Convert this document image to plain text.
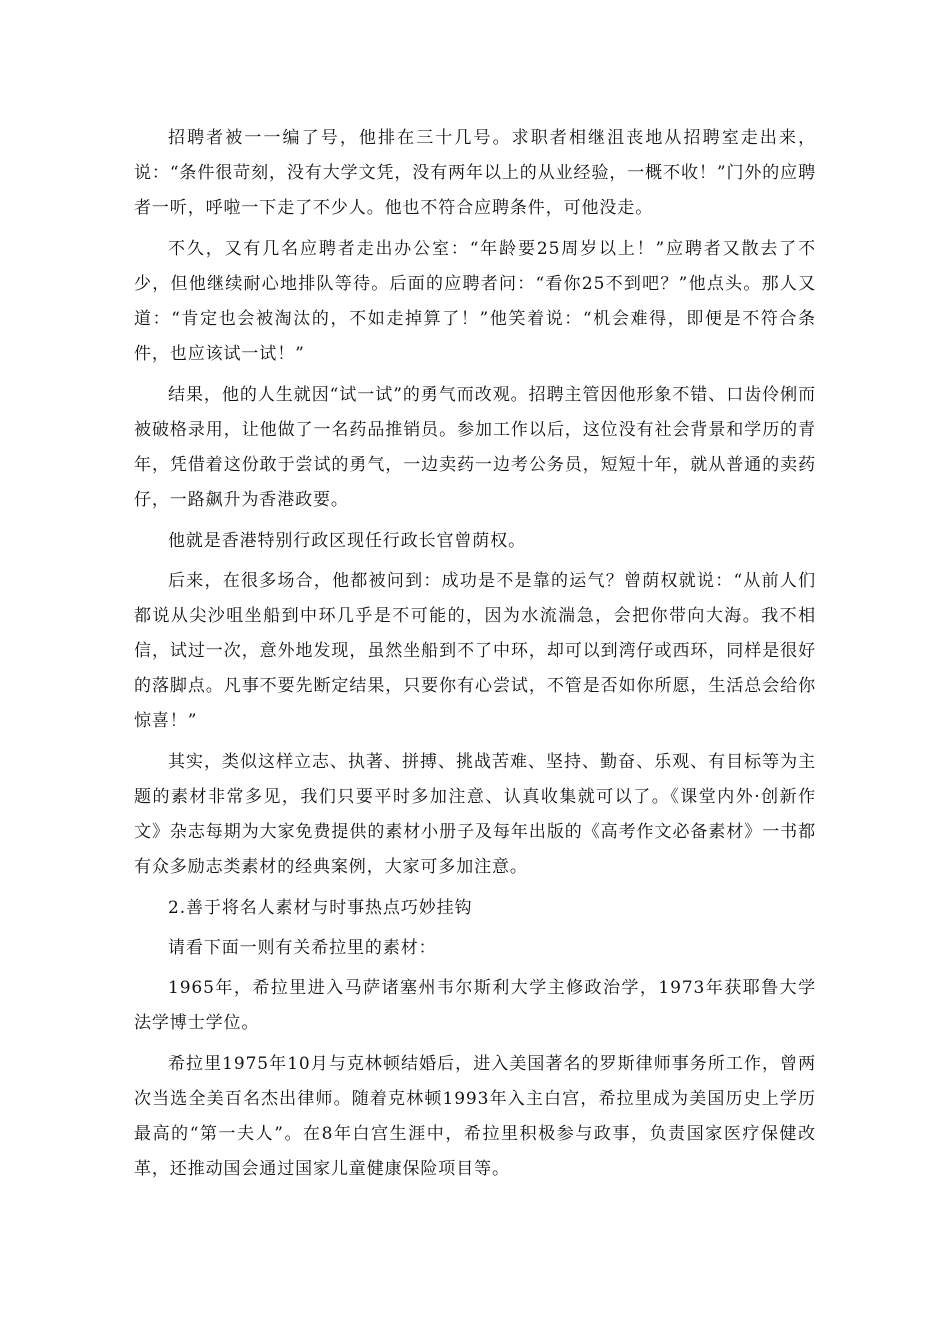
招聘者被一一编了号，他排在三十几号。求职者相继沮丧地从招聘室走出来，说：“条件很苛刻，没有大学文凭，没有两年以上的从业经验，一概不收！”门外的应聘者一听，呼啦一下走了不少人。他也不符合应聘条件，可他没走。

不久，又有几名应聘者走出办公室：“年龄要25周岁以上！”应聘者又散去了不少，但他继续耐心地排队等待。后面的应聘者问：“看你25不到吧？”他点头。那人又道：“肯定也会被淘汰的，不如走掉算了！”他笑着说：“机会难得，即便是不符合条件，也应该试一试！”

结果，他的人生就因“试一试”的勇气而改观。招聘主管因他形象不错、口齿伶俐而被破格录用，让他做了一名药品推销员。参加工作以后，这位没有社会背景和学历的青年，凭借着这份敢于尝试的勇气，一边卖药一边考公务员，短短十年，就从普通的卖药仔，一路飙升为香港政要。

他就是香港特别行政区现任行政长官曾荫权。

后来，在很多场合，他都被问到：成功是不是靠的运气？曾荫权就说：“从前人们都说从尖沙咀坐船到中环几乎是不可能的，因为水流湍急，会把你带向大海。我不相信，试过一次，意外地发现，虽然坐船到不了中环，却可以到湾仔或西环，同样是很好的落脚点。凡事不要先断定结果，只要你有心尝试，不管是否如你所愿，生活总会给你惊喜！”

其实，类似这样立志、执著、拼搏、挑战苦难、坚持、勤奋、乐观、有目标等为主题的素材非常多见，我们只要平时多加注意、认真收集就可以了。《课堂内外·创新作文》杂志每期为大家免费提供的素材小册子及每年出版的《高考作文必备素材》一书都有众多励志类素材的经典案例，大家可多加注意。

2.善于将名人素材与时事热点巧妙挂钩

请看下面一则有关希拉里的素材：

1965年，希拉里进入马萨诸塞州韦尔斯利大学主修政治学，1973年获耶鲁大学法学博士学位。

希拉里1975年10月与克林顿结婚后，进入美国著名的罗斯律师事务所工作，曾两次当选全美百名杰出律师。随着克林顿1993年入主白宫，希拉里成为美国历史上学历最高的“第一夫人”。在8年白宫生涯中，希拉里积极参与政事，负责国家医疗保健改革，还推动国会通过国家儿童健康保险项目等。
